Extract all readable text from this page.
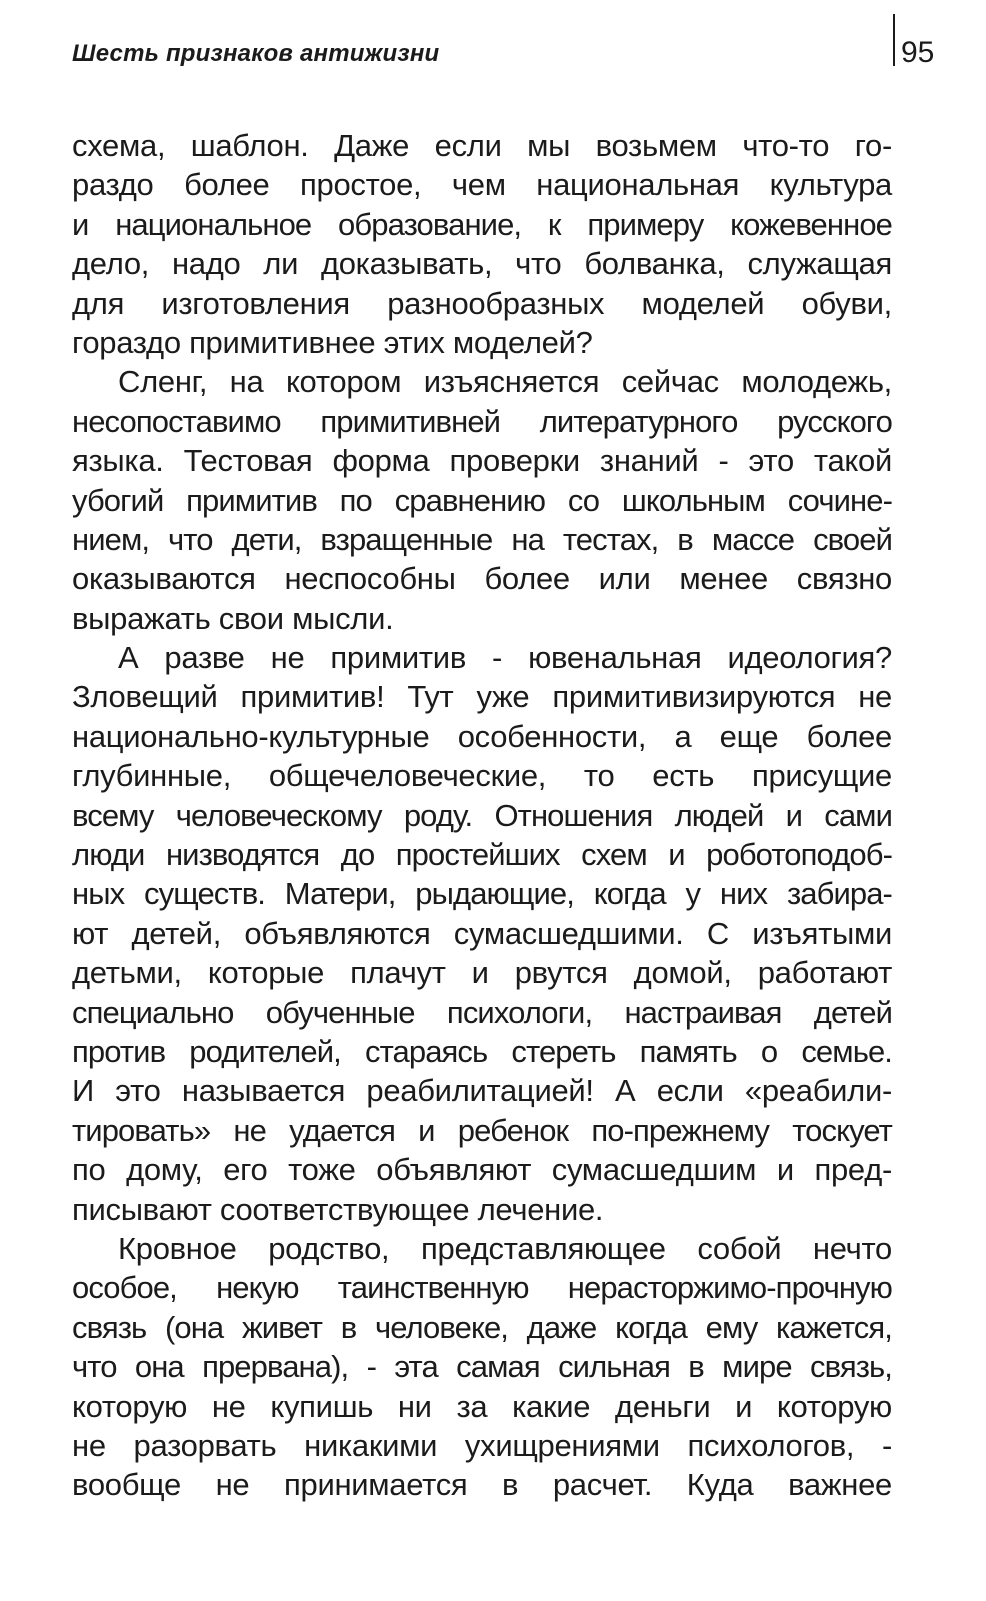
Шесть признаков антижизни	95
схема, шаблон. Даже если мы возьмем что-то го-
раздо более простое, чем национальная культура
и национальное образование, к примеру кожевенное
дело, надо ли доказывать, что болванка, служащая
для изготовления разнообразных моделей обуви,
гораздо примитивнее этих моделей?
Сленг, на котором изъясняется сейчас молодежь,
несопоставимо примитивней литературного русского
языка. Тестовая форма проверки знаний - это такой
убогий примитив по сравнению со школьным сочине-
нием, что дети, взращенные на тестах, в массе своей
оказываются неспособны более или менее связно
выражать свои мысли.
А разве не примитив - ювенальная идеология?
Зловещий примитив! Тут уже примитивизируются не
национально-культурные особенности, а еще более
глубинные, общечеловеческие, то есть присущие
всему человеческому роду. Отношения людей и сами
люди низводятся до простейших схем и роботоподоб-
ных существ. Матери, рыдающие, когда у них забира-
ют детей, объявляются сумасшедшими. С изъятыми
детьми, которые плачут и рвутся домой, работают
специально обученные психологи, настраивая детей
против родителей, стараясь стереть память о семье.
И это называется реабилитацией! А если «реабили-
тировать» не удается и ребенок по-прежнему тоскует
по дому, его тоже объявляют сумасшедшим и пред-
писывают соответствующее лечение.
Кровное родство, представляющее собой нечто
особое, некую таинственную нерасторжимо-прочную
связь (она живет в человеке, даже когда ему кажется,
что она прервана), - эта самая сильная в мире связь,
которую не купишь ни за какие деньги и которую
не разорвать никакими ухищрениями психологов, -
вообще не принимается в расчет. Куда важнее
